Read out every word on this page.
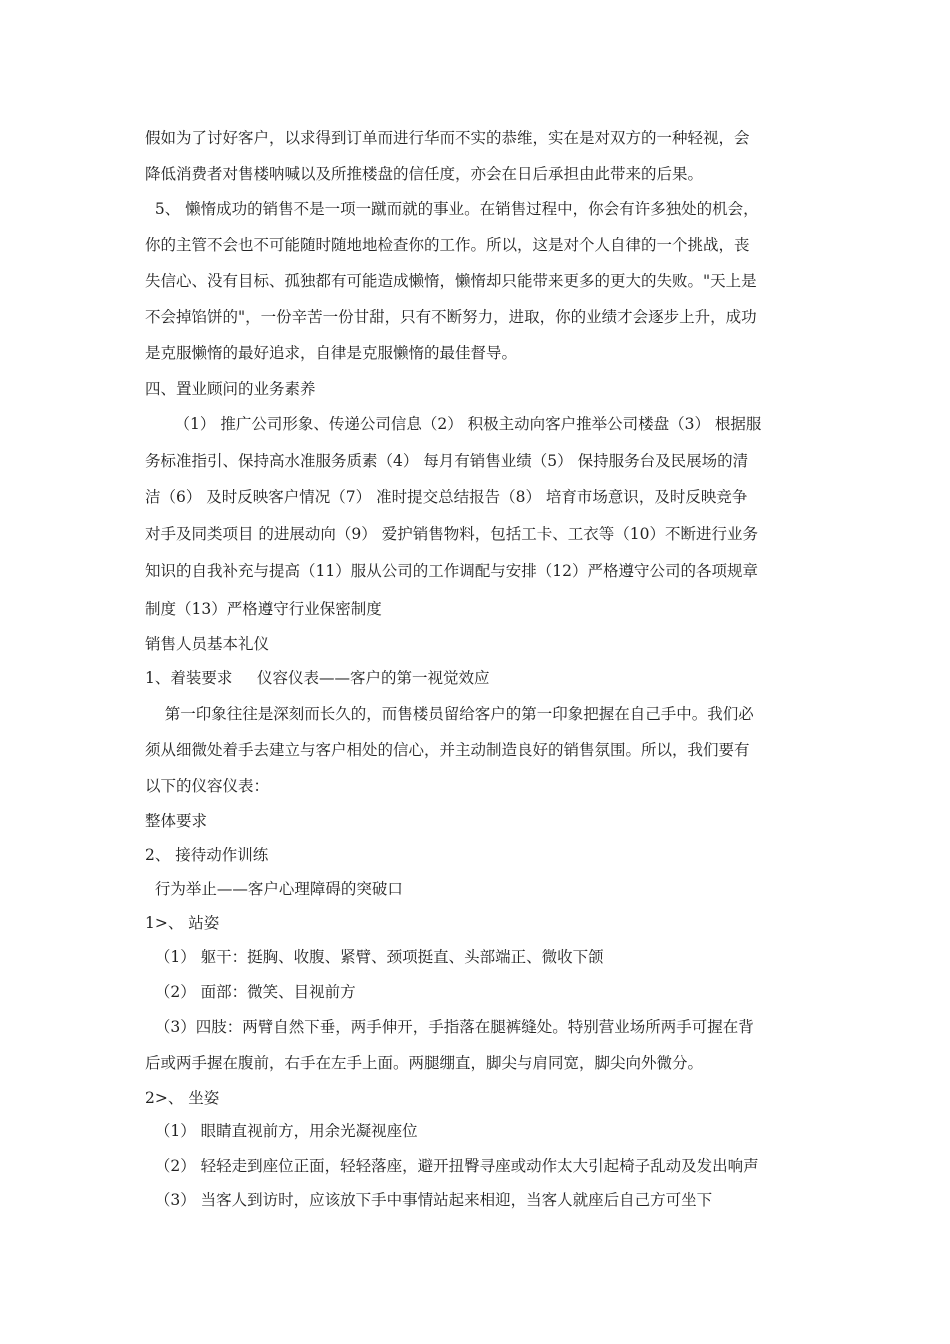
假如为了讨好客户，以求得到订单而进行华而不实的恭维，实在是对双方的一种轻视，会
降低消费者对售楼呐喊以及所推楼盘的信任度，亦会在日后承担由此带来的后果。
5、 懒惰成功的销售不是一项一蹴而就的事业。在销售过程中，你会有许多独处的机会，
你的主管不会也不可能随时随地地检查你的工作。所以，这是对个人自律的一个挑战，丧
失信心、没有目标、孤独都有可能造成懒惰，懒惰却只能带来更多的更大的失败。"天上是
不会掉馅饼的"，一份辛苦一份甘甜，只有不断努力，进取，你的业绩才会逐步上升，成功
是克服懒惰的最好追求，自律是克服懒惰的最佳督导。
四、置业顾问的业务素养
（1） 推广公司形象、传递公司信息（2） 积极主动向客户推举公司楼盘（3） 根据服
务标准指引、保持高水准服务质素（4） 每月有销售业绩（5） 保持服务台及民展场的清
洁（6） 及时反映客户情况（7） 准时提交总结报告（8） 培育市场意识，及时反映竞争
对手及同类项目 的进展动向（9） 爱护销售物料，包括工卡、工衣等（10）不断进行业务
知识的自我补充与提高（11）服从公司的工作调配与安排（12）严格遵守公司的各项规章
制度（13）严格遵守行业保密制度
销售人员基本礼仪
1、着装要求     仪容仪表——客户的第一视觉效应
第一印象往往是深刻而长久的，而售楼员留给客户的第一印象把握在自己手中。我们必
须从细微处着手去建立与客户相处的信心，并主动制造良好的销售氛围。所以，我们要有
以下的仪容仪表：
整体要求
2、 接待动作训练
行为举止——客户心理障碍的突破口
1>、 站姿
（1） 躯干：挺胸、收腹、紧臂、颈项挺直、头部端正、微收下颌
（2） 面部：微笑、目视前方
（3）四肢：两臂自然下垂，两手伸开，手指落在腿裤缝处。特别营业场所两手可握在背
后或两手握在腹前，右手在左手上面。两腿绷直，脚尖与肩同宽，脚尖向外微分。
2>、 坐姿
（1） 眼睛直视前方，用余光凝视座位
（2） 轻轻走到座位正面，轻轻落座，避开扭臀寻座或动作太大引起椅子乱动及发出响声
（3） 当客人到访时，应该放下手中事情站起来相迎，当客人就座后自己方可坐下
